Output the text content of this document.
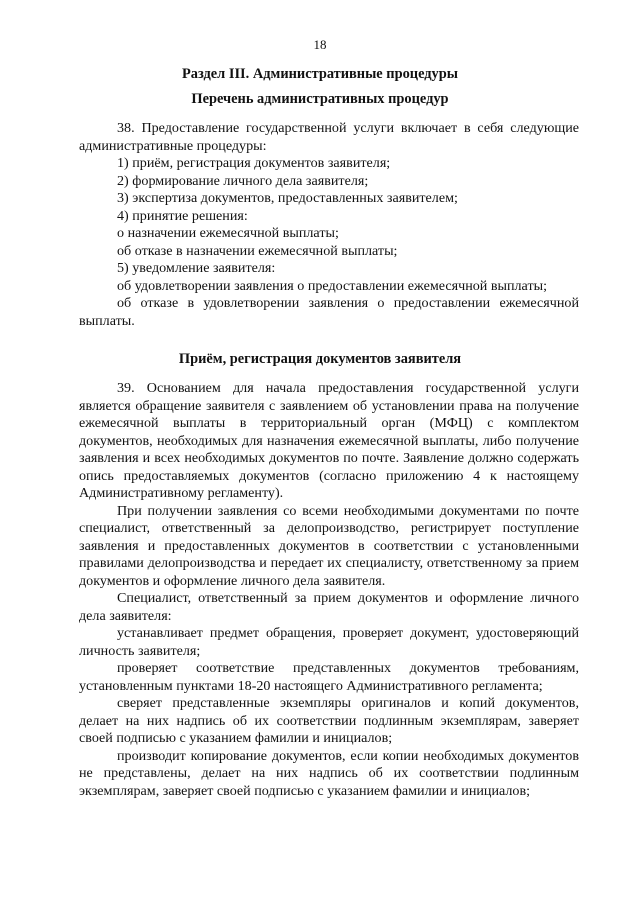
18
Раздел III. Административные процедуры
Перечень административных процедур

38. Предоставление государственной услуги включает в себя следующие административные процедуры:

1) приём, регистрация документов заявителя;

2) формирование личного дела заявителя;

3) экспертиза документов, предоставленных заявителем;

4) принятие решения:

о назначении ежемесячной выплаты;

об отказе в назначении ежемесячной выплаты;

5) уведомление заявителя:

об удовлетворении заявления о предоставлении ежемесячной выплаты;

об отказе в удовлетворении заявления о предоставлении ежемесячной выплаты.

Приём, регистрация документов заявителя

39. Основанием для начала предоставления государственной услуги является обращение заявителя с заявлением об установлении права на получение ежемесячной выплаты в территориальный орган (МФЦ) с комплектом документов, необходимых для назначения ежемесячной выплаты, либо получение заявления и всех необходимых документов по почте. Заявление должно содержать опись предоставляемых документов (согласно приложению 4 к настоящему Административному регламенту).

При получении заявления со всеми необходимыми документами по почте специалист, ответственный за делопроизводство, регистрирует поступление заявления и предоставленных документов в соответствии с установленными правилами делопроизводства и передает их специалисту, ответственному за прием документов и оформление личного дела заявителя.

Специалист, ответственный за прием документов и оформление личного дела заявителя:

устанавливает предмет обращения, проверяет документ, удостоверяющий личность заявителя;

проверяет соответствие представленных документов требованиям, установленным пунктами 18-20 настоящего Административного регламента;

сверяет представленные экземпляры оригиналов и копий документов, делает на них надпись об их соответствии подлинным экземплярам, заверяет своей подписью с указанием фамилии и инициалов;

производит копирование документов, если копии необходимых документов не представлены, делает на них надпись об их соответствии подлинным экземплярам, заверяет своей подписью с указанием фамилии и инициалов;
